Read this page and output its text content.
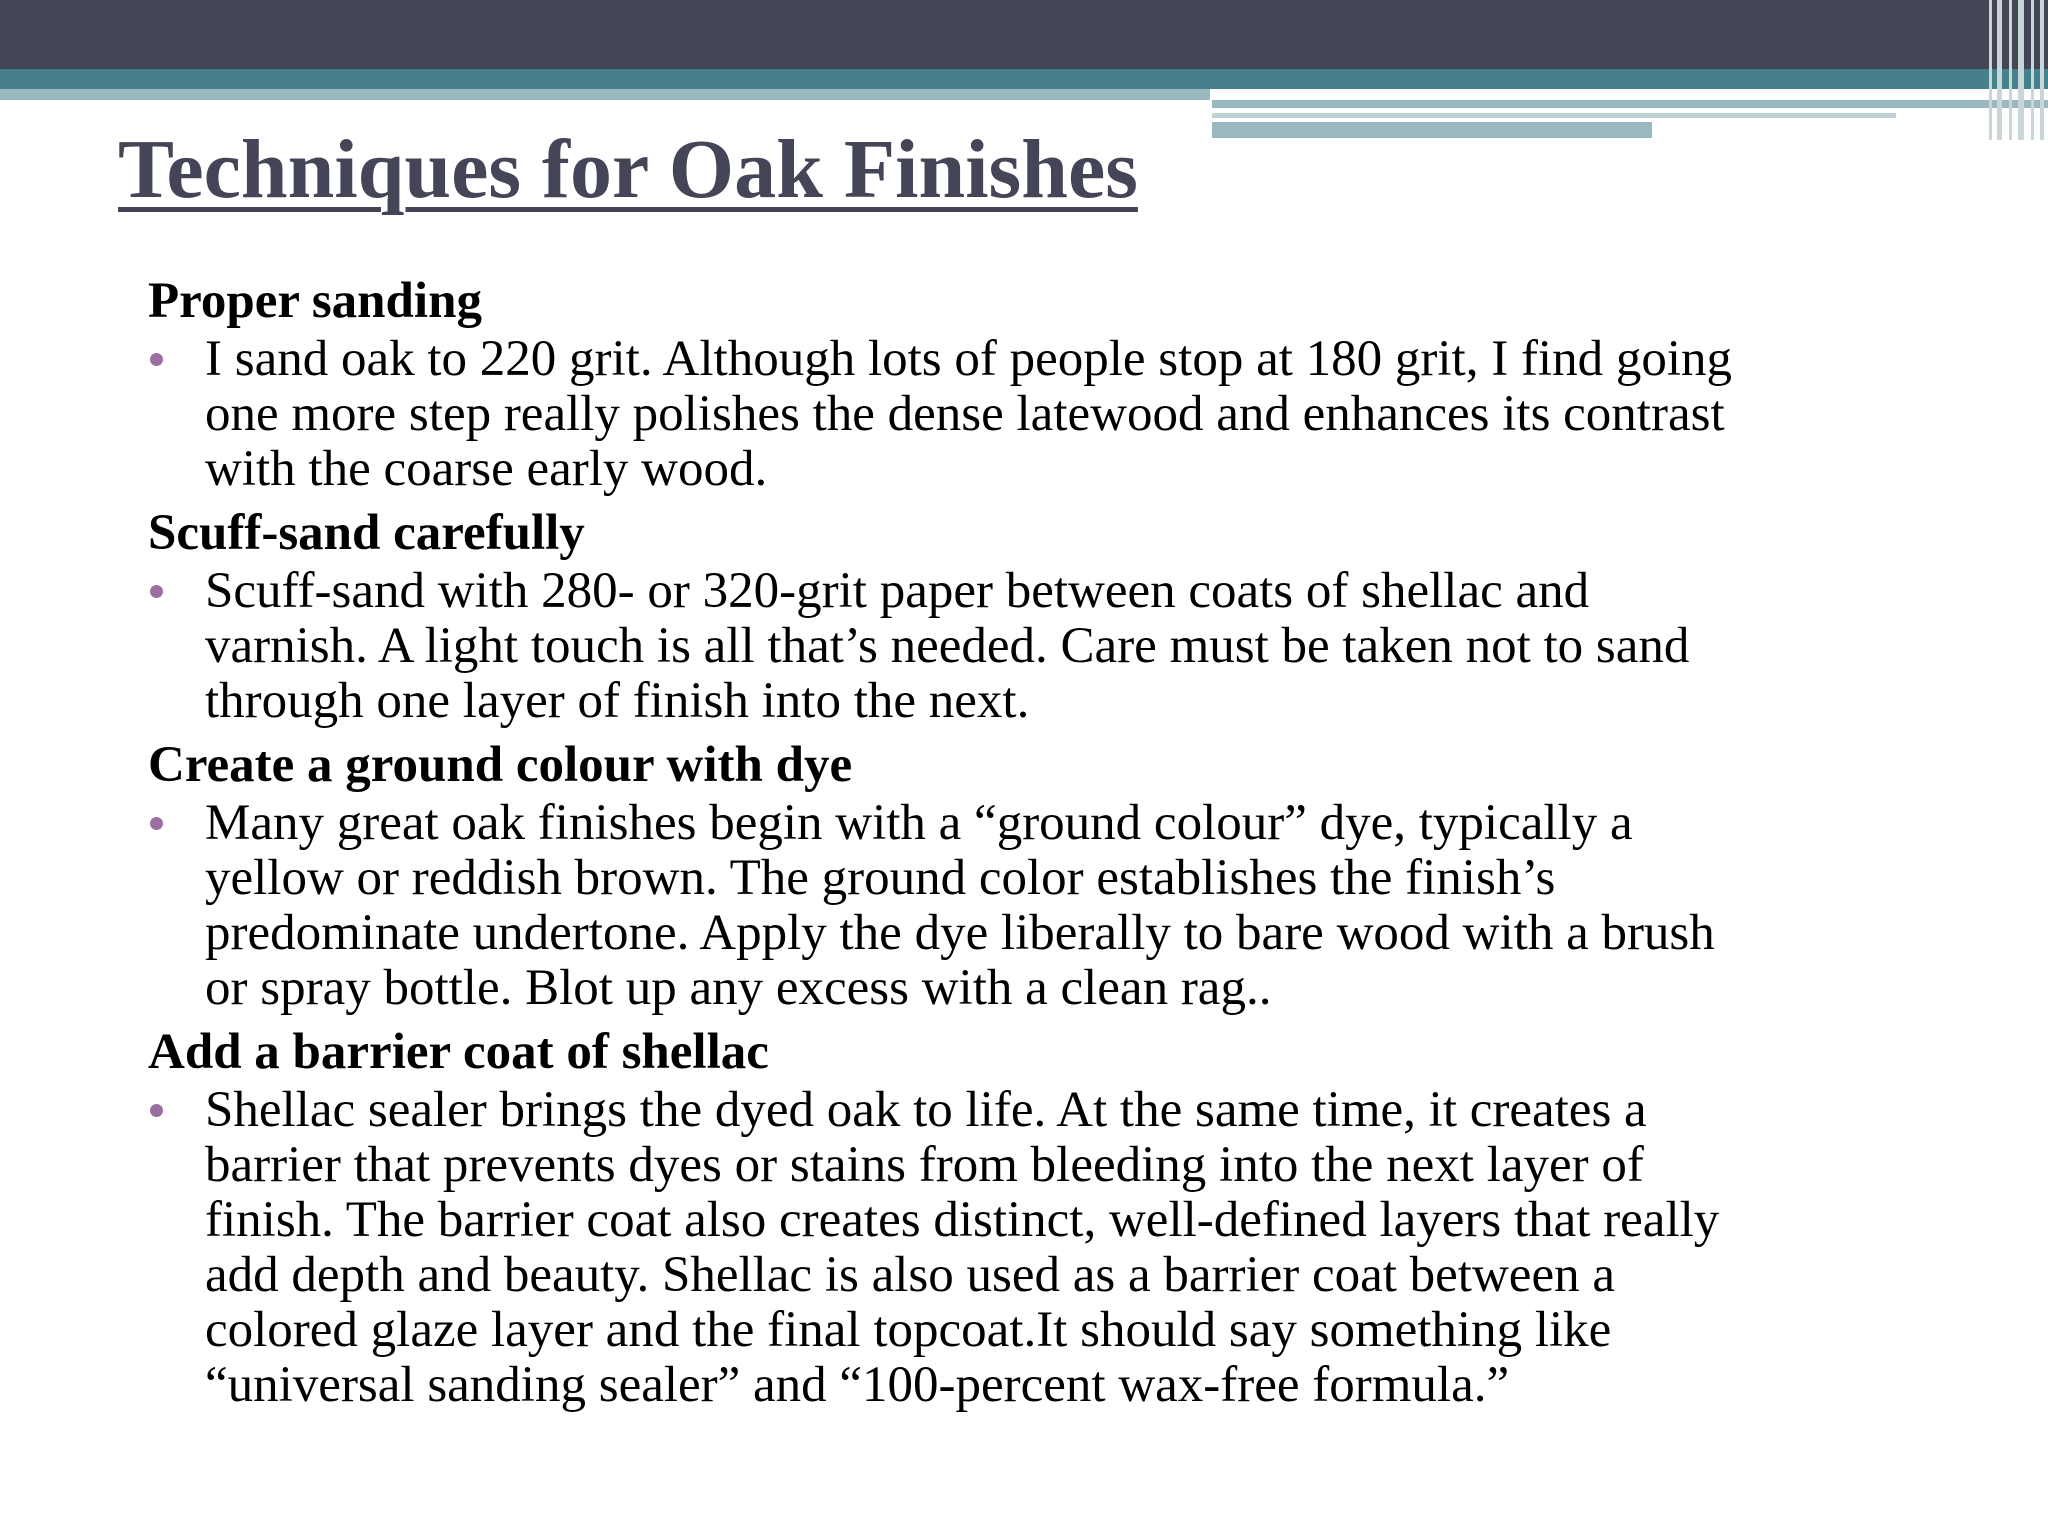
Techniques for Oak Finishes
Proper sanding
I sand oak to 220 grit. Although lots of people stop at 180 grit, I find going
one more step really polishes the dense latewood and enhances its contrast
with the coarse early wood.
Scuff-sand carefully
Scuff-sand with 280- or 320-grit paper between coats of shellac and
varnish. A light touch is all that’s needed. Care must be taken not to sand
through one layer of finish into the next.
Create a ground colour with dye
Many great oak finishes begin with a “ground colour” dye, typically a
yellow or reddish brown. The ground color establishes the finish’s
predominate undertone. Apply the dye liberally to bare wood with a brush
or spray bottle. Blot up any excess with a clean rag..
Add a barrier coat of shellac
Shellac sealer brings the dyed oak to life. At the same time, it creates a
barrier that prevents dyes or stains from bleeding into the next layer of
finish. The barrier coat also creates distinct, well-defined layers that really
add depth and beauty. Shellac is also used as a barrier coat between a
colored glaze layer and the final topcoat.It should say something like
“universal sanding sealer” and “100-percent wax-free formula.”
